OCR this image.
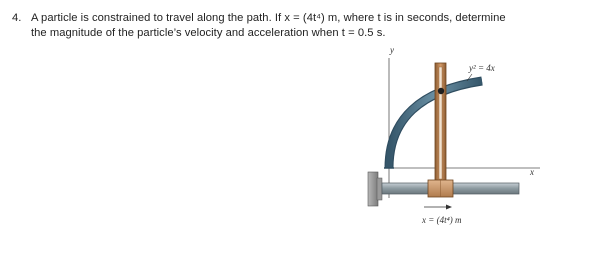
4. A particle is constrained to travel along the path. If x = (4t⁴) m, where t is in seconds, determine
the magnitude of the particle’s velocity and acceleration when t = 0.5 s.
y
x
y² = 4x
x = (4t⁴) m
